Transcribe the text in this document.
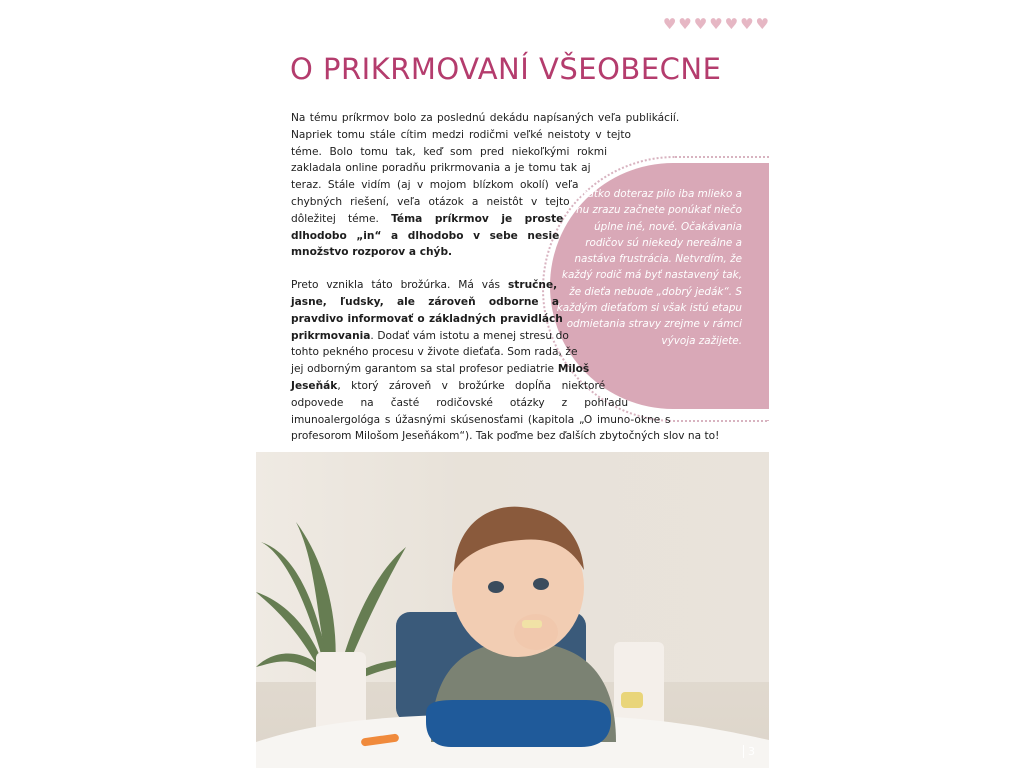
♥ ♥ ♥ ♥ ♥ ♥ ♥
O PRIKRMOVANÍ VŠEOBECNE

Na tému príkrmov bolo za poslednú dekádu napísaných veľa publikácií. Napriek tomu stále cítim medzi rodičmi veľké neistoty v tejto téme. Bolo tomu tak, keď som pred niekoľkými rokmi zakladala online poradňu prikrmovania a je tomu tak aj teraz. Stále vidím (aj v mojom blízkom okolí) veľa chybných riešení, veľa otázok a neistôt v tejto dôležitej téme. Téma príkrmov je proste dlhodobo „in“ a dlhodobo v sebe nesie množstvo rozporov a chýb.

Preto vznikla táto brožúrka. Má vás stručne, jasne, ľudsky, ale zároveň odborne a pravdivo informovať o základných pravidlách prikrmovania. Dodať vám istotu a menej stresu do tohto pekného procesu v živote dieťaťa. Som rada, že jej odborným garantom sa stal profesor pediatrie Miloš Jeseňák, ktorý zároveň v brožúrke dopĺňa niektoré odpovede na časté rodičovské otázky z pohľadu imunoalergológa s úžasnými skúsenosťami (kapitola „O imuno-okne s profesorom Milošom Jeseňákom“). Tak poďme bez ďalších zbytočných slov na to!

Bábätko doteraz pilo iba mlieko a vy mu zrazu začnete ponúkať niečo úplne iné, nové. Očakávania rodičov sú niekedy nereálne a nastáva frustrácia. Netvrdím, že každý rodič má byť nastavený tak, že dieťa nebude „dobrý jedák“. S každým dieťaťom si však istú etapu odmietania stravy zrejme v rámci vývoja zažijete.

3
